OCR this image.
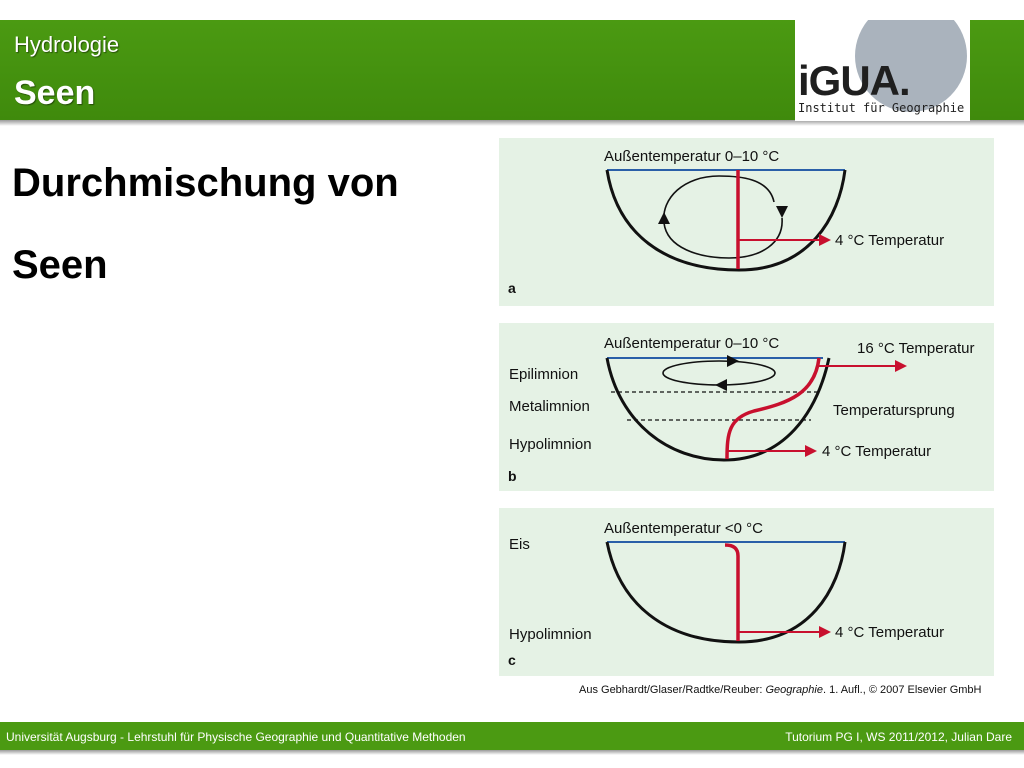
Hydrologie
Seen	iGUA.
Institut für Geographie
Durchmischung von
Seen
Außentemperatur 0–10 °C
4 °C Temperatur
a
Außentemperatur 0–10 °C	16 °C Temperatur
Epilimnion
Metalimnion
Hypolimnion
Temperatursprung
4 °C Temperatur
b
Außentemperatur <0 °C
Eis
Hypolimnion	4 °C Temperatur
c
Aus Gebhardt/Glaser/Radtke/Reuber: Geographie. 1. Aufl., © 2007 Elsevier GmbH
Universität Augsburg - Lehrstuhl für Physische Geographie und Quantitative Methoden	Tutorium PG I, WS 2011/2012, Julian Dare
